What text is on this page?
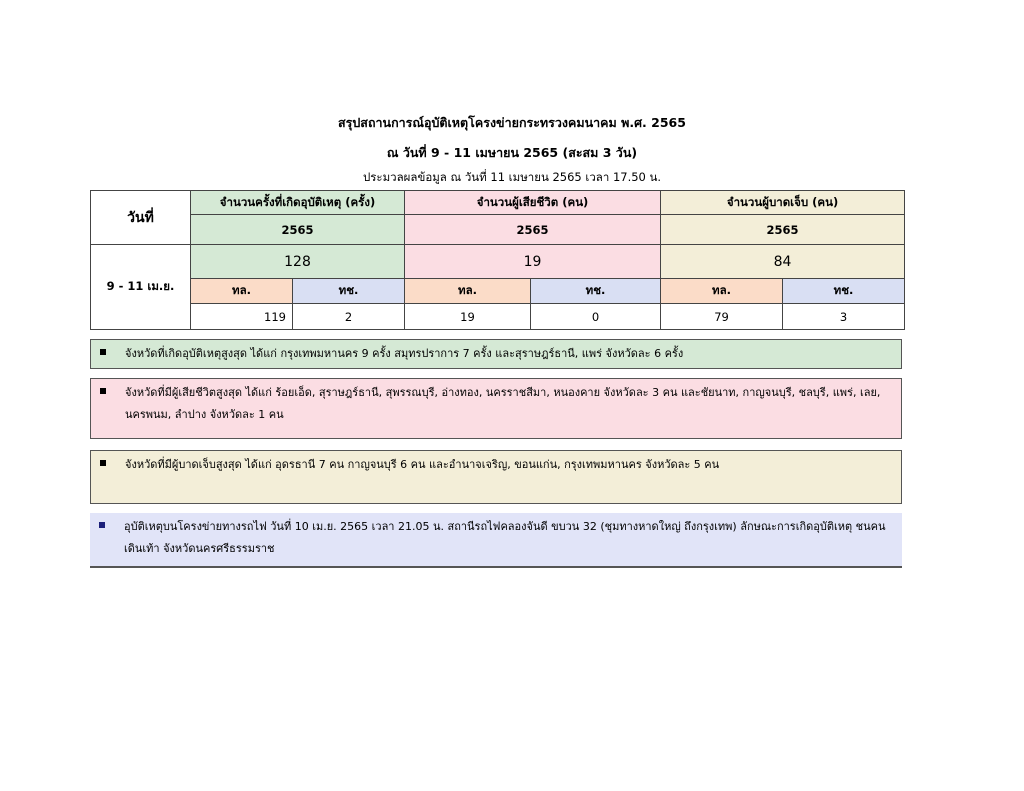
สรุปสถานการณ์อุบัติเหตุโครงข่ายกระทรวงคมนาคม พ.ศ. 2565
ณ วันที่ 9 - 11 เมษายน 2565 (สะสม 3 วัน)
ประมวลผลข้อมูล ณ วันที่ 11 เมษายน 2565 เวลา 17.50 น.
วันที่	จำนวนครั้งที่เกิดอุบัติเหตุ (ครั้ง)		จำนวนผู้เสียชีวิต (คน)		จำนวนผู้บาดเจ็บ (คน)	
	2565		2565		2565	
9 - 11 เม.ย.	128		19		84	
	ทล.	ทช.	ทล.	ทช.	ทล.	ทช.
	119	2	19	0	79	3
จังหวัดที่เกิดอุบัติเหตุสูงสุด ได้แก่ กรุงเทพมหานคร 9 ครั้ง สมุทรปราการ 7 ครั้ง และสุราษฎร์ธานี, แพร่ จังหวัดละ 6 ครั้ง
จังหวัดที่มีผู้เสียชีวิตสูงสุด ได้แก่ ร้อยเอ็ด, สุราษฎร์ธานี, สุพรรณบุรี, อ่างทอง, นครราชสีมา, หนองคาย จังหวัดละ 3 คน และชัยนาท, กาญจนบุรี, ชลบุรี, แพร่, เลย, นครพนม, ลำปาง จังหวัดละ 1 คน
จังหวัดที่มีผู้บาดเจ็บสูงสุด ได้แก่ อุดรธานี 7 คน กาญจนบุรี 6 คน และอำนาจเจริญ, ขอนแก่น, กรุงเทพมหานคร จังหวัดละ 5 คน
อุบัติเหตุบนโครงข่ายทางรถไฟ วันที่ 10 เม.ย. 2565 เวลา 21.05 น. สถานีรถไฟคลองจันดี ขบวน 32 (ชุมทางหาดใหญ่ ถึงกรุงเทพ) ลักษณะการเกิดอุบัติเหตุ ชนคนเดินเท้า จังหวัดนครศรีธรรมราช
